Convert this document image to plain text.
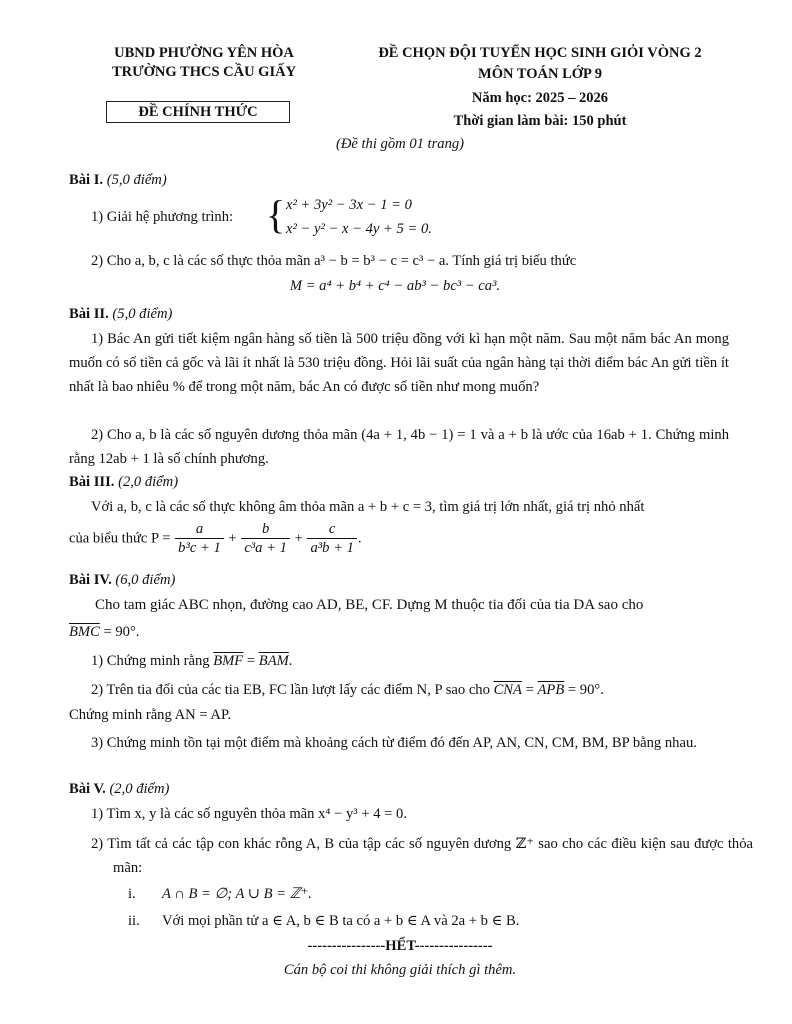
UBND PHƯỜNG YÊN HÒA
TRƯỜNG THCS CẦU GIẤY
ĐỀ CHÍNH THỨC
ĐỀ CHỌN ĐỘI TUYỂN HỌC SINH GIỎI VÒNG 2
MÔN TOÁN LỚP 9
Năm học: 2025 – 2026
Thời gian làm bài: 150 phút
(Đề thi gồm 01 trang)
Bài I. (5,0 điểm)
1) Giải hệ phương trình: { x² + 3y² − 3x − 1 = 0
x² − y² − x − 4y + 5 = 0.
2) Cho a, b, c là các số thực thỏa mãn a³ − b = b³ − c = c³ − a. Tính giá trị biểu thức
M = a⁴ + b⁴ + c⁴ − ab³ − bc³ − ca³.
Bài II. (5,0 điểm)
1) Bác An gửi tiết kiệm ngân hàng số tiền là 500 triệu đồng với kì hạn một năm. Sau một năm bác An mong muốn có số tiền cả gốc và lãi ít nhất là 530 triệu đồng. Hỏi lãi suất của ngân hàng tại thời điểm bác An gửi tiền ít nhất là bao nhiêu % để trong một năm, bác An có được số tiền như mong muốn?
2) Cho a, b là các số nguyên dương thỏa mãn (4a + 1, 4b − 1) = 1 và a + b là ước của 16ab + 1. Chứng minh rằng 12ab + 1 là số chính phương.
Bài III. (2,0 điểm)
Với a, b, c là các số thực không âm thỏa mãn a + b + c = 3, tìm giá trị lớn nhất, giá trị nhỏ nhất
của biểu thức $P = \frac{a}{\text{b³c + 1}} + \frac{b}{\text{c³a + 1}} + \frac{c}{\text{a³b + 1}}$ .
Bài IV. (6,0 điểm)
Cho tam giác ABC nhọn, đường cao AD, BE, CF. Dựng M thuộc tia đối của tia DA sao cho
$\overline{BMC} = 90^\circ$.
1) Chứng minh rằng $\overline{BMF} = \overline{BAM}$.
2) Trên tia đối của các tia EB, FC lần lượt lấy các điểm N, P sao cho $\overline{CNA} = \overline{APB} = 90^\circ$.
Chứng minh rằng AN = AP.
3) Chứng minh tồn tại một điểm mà khoảng cách từ điểm đó đến AP, AN, CN, CM, BM, BP bằng nhau.
Bài V. (2,0 điểm)
1) Tìm x, y là các số nguyên thỏa mãn x⁴ − y³ + 4 = 0.
2) Tìm tất cả các tập con khác rỗng A, B của tập các số nguyên dương ℤ⁺ sao cho các điều kiện sau được thỏa mãn:
i. A ∩ B = ∅; A ∪ B = ℤ⁺.
ii. Với mọi phần tử a ∈ A, b ∈ B ta có a + b ∈ A và 2a + b ∈ B.
----------------HẾT----------------
Cán bộ coi thi không giải thích gì thêm.
